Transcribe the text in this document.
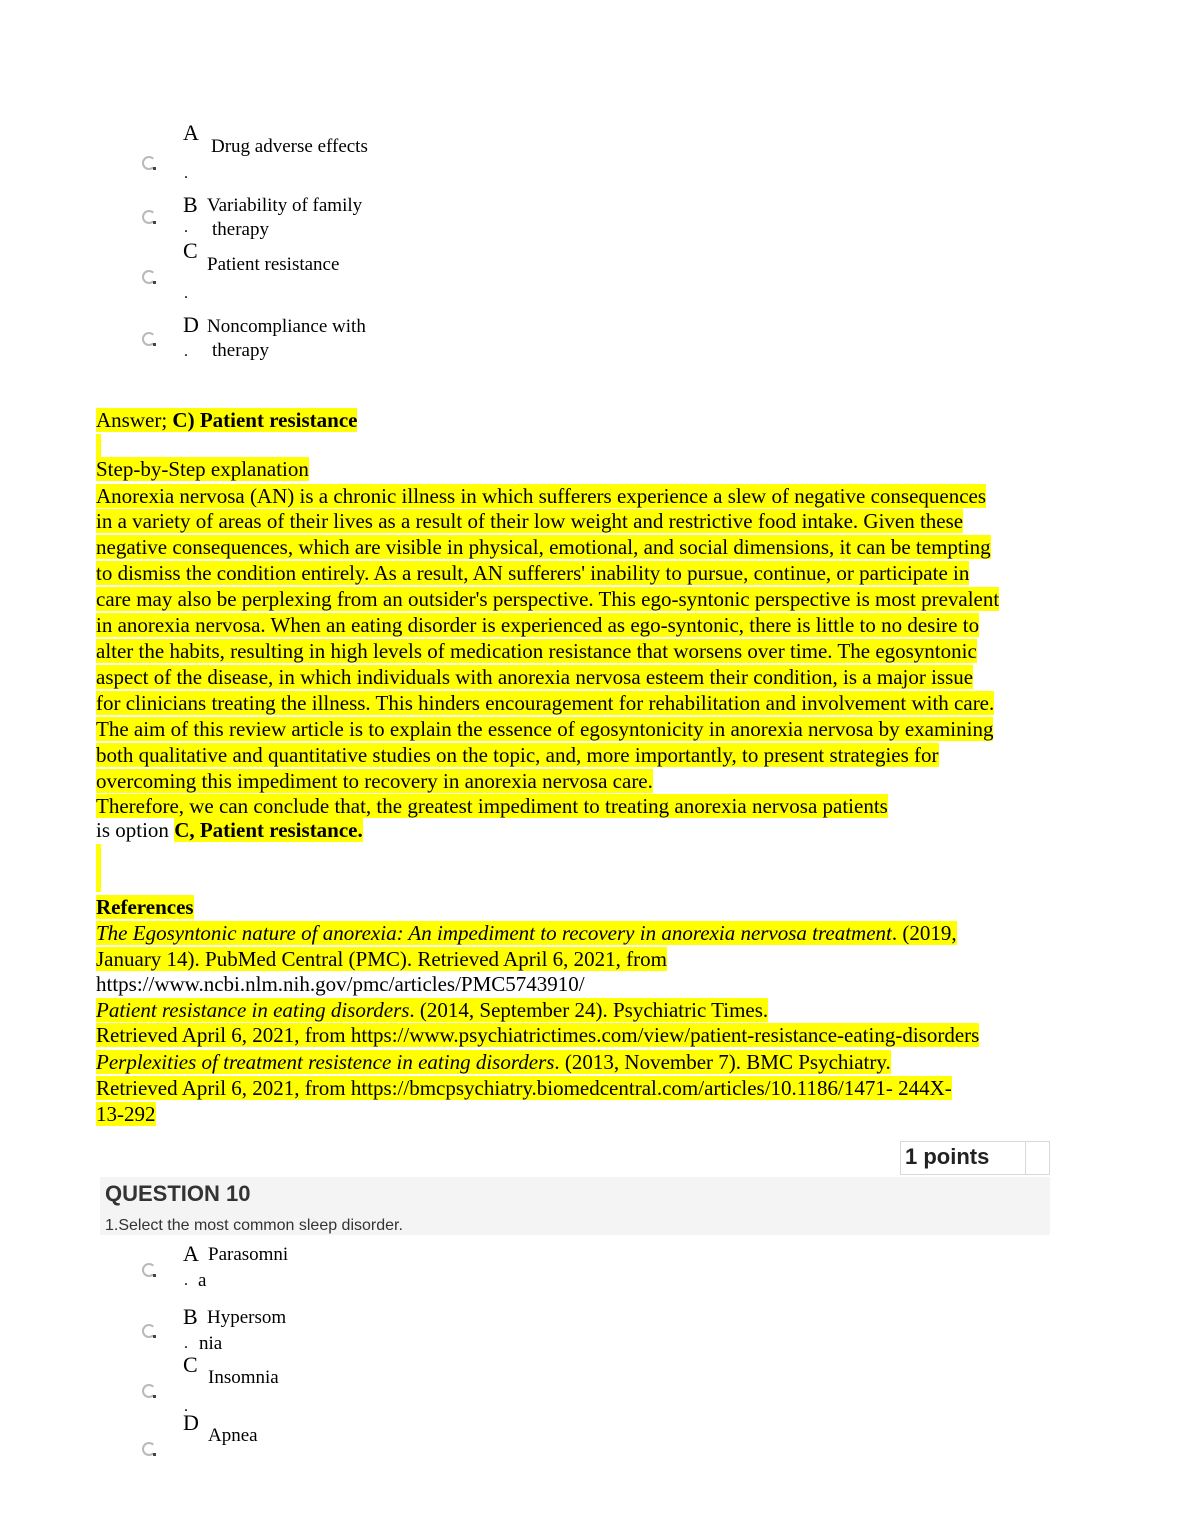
A
Drug adverse effects
.
B Variability of family
. therapy
C
Patient resistance
.
D Noncompliance with
. therapy
Answer; C) Patient resistance
Step-by-Step explanation
Anorexia nervosa (AN) is a chronic illness in which sufferers experience a slew of negative consequences
in a variety of areas of their lives as a result of their low weight and restrictive food intake. Given these
negative consequences, which are visible in physical, emotional, and social dimensions, it can be tempting
to dismiss the condition entirely. As a result, AN sufferers' inability to pursue, continue, or participate in
care may also be perplexing from an outsider's perspective. This ego-syntonic perspective is most prevalent
in anorexia nervosa. When an eating disorder is experienced as ego-syntonic, there is little to no desire to
alter the habits, resulting in high levels of medication resistance that worsens over time. The egosyntonic
aspect of the disease, in which individuals with anorexia nervosa esteem their condition, is a major issue
for clinicians treating the illness. This hinders encouragement for rehabilitation and involvement with care.
The aim of this review article is to explain the essence of egosyntonicity in anorexia nervosa by examining
both qualitative and quantitative studies on the topic, and, more importantly, to present strategies for
overcoming this impediment to recovery in anorexia nervosa care.
Therefore, we can conclude that, the greatest impediment to treating anorexia nervosa patients
is option C, Patient resistance.
References
The Egosyntonic nature of anorexia: An impediment to recovery in anorexia nervosa treatment. (2019,
January 14). PubMed Central (PMC). Retrieved April 6, 2021, from
https://www.ncbi.nlm.nih.gov/pmc/articles/PMC5743910/
Patient resistance in eating disorders. (2014, September 24). Psychiatric Times.
Retrieved April 6, 2021, from https://www.psychiatrictimes.com/view/patient-resistance-eating-disorders
Perplexities of treatment resistence in eating disorders. (2013, November 7). BMC Psychiatry.
Retrieved April 6, 2021, from https://bmcpsychiatry.biomedcentral.com/articles/10.1186/1471- 244X-
13-292
1 points
QUESTION 10
1.Select the most common sleep disorder.
A Parasomni
. a
B Hypersom
. nia
C
Insomnia
.
D
Apnea
